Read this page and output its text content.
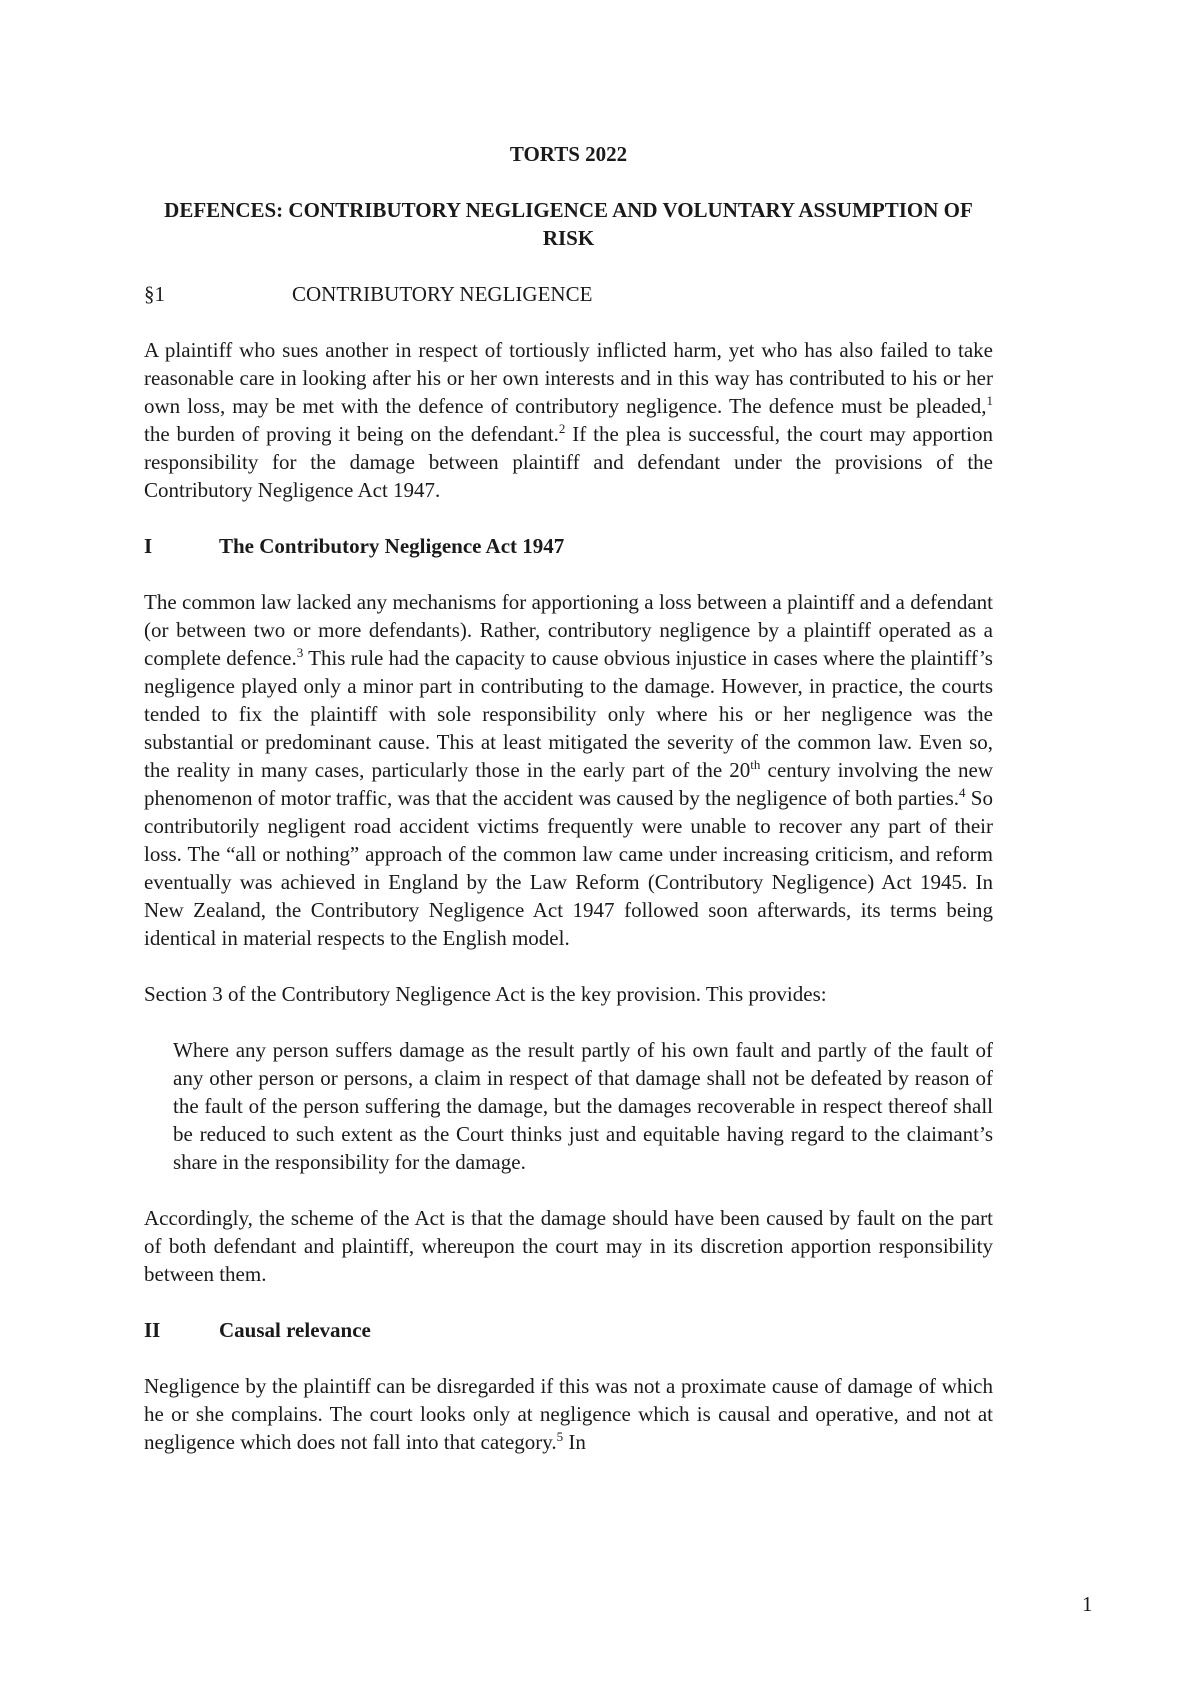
TORTS 2022

DEFENCES: CONTRIBUTORY NEGLIGENCE AND VOLUNTARY ASSUMPTION OF RISK

§1	CONTRIBUTORY NEGLIGENCE

A plaintiff who sues another in respect of tortiously inflicted harm, yet who has also failed to take reasonable care in looking after his or her own interests and in this way has contributed to his or her own loss, may be met with the defence of contributory negligence. The defence must be pleaded,$^1$ the burden of proving it being on the defendant.$^2$ If the plea is successful, the court may apportion responsibility for the damage between plaintiff and defendant under the provisions of the Contributory Negligence Act 1947.

I	The Contributory Negligence Act 1947

The common law lacked any mechanisms for apportioning a loss between a plaintiff and a defendant (or between two or more defendants). Rather, contributory negligence by a plaintiff operated as a complete defence.$^3$ This rule had the capacity to cause obvious injustice in cases where the plaintiff’s negligence played only a minor part in contributing to the damage. However, in practice, the courts tended to fix the plaintiff with sole responsibility only where his or her negligence was the substantial or predominant cause. This at least mitigated the severity of the common law. Even so, the reality in many cases, particularly those in the early part of the 20th century involving the new phenomenon of motor traffic, was that the accident was caused by the negligence of both parties.$^4$ So contributorily negligent road accident victims frequently were unable to recover any part of their loss. The “all or nothing” approach of the common law came under increasing criticism, and reform eventually was achieved in England by the Law Reform (Contributory Negligence) Act 1945. In New Zealand, the Contributory Negligence Act 1947 followed soon afterwards, its terms being identical in material respects to the English model.

Section 3 of the Contributory Negligence Act is the key provision. This provides:

Where any person suffers damage as the result partly of his own fault and partly of the fault of any other person or persons, a claim in respect of that damage shall not be defeated by reason of the fault of the person suffering the damage, but the damages recoverable in respect thereof shall be reduced to such extent as the Court thinks just and equitable having regard to the claimant’s share in the responsibility for the damage.

Accordingly, the scheme of the Act is that the damage should have been caused by fault on the part of both defendant and plaintiff, whereupon the court may in its discretion apportion responsibility between them.

II	Causal relevance

Negligence by the plaintiff can be disregarded if this was not a proximate cause of damage of which he or she complains. The court looks only at negligence which is causal and operative, and not at negligence which does not fall into that category.$^5$ In

1
